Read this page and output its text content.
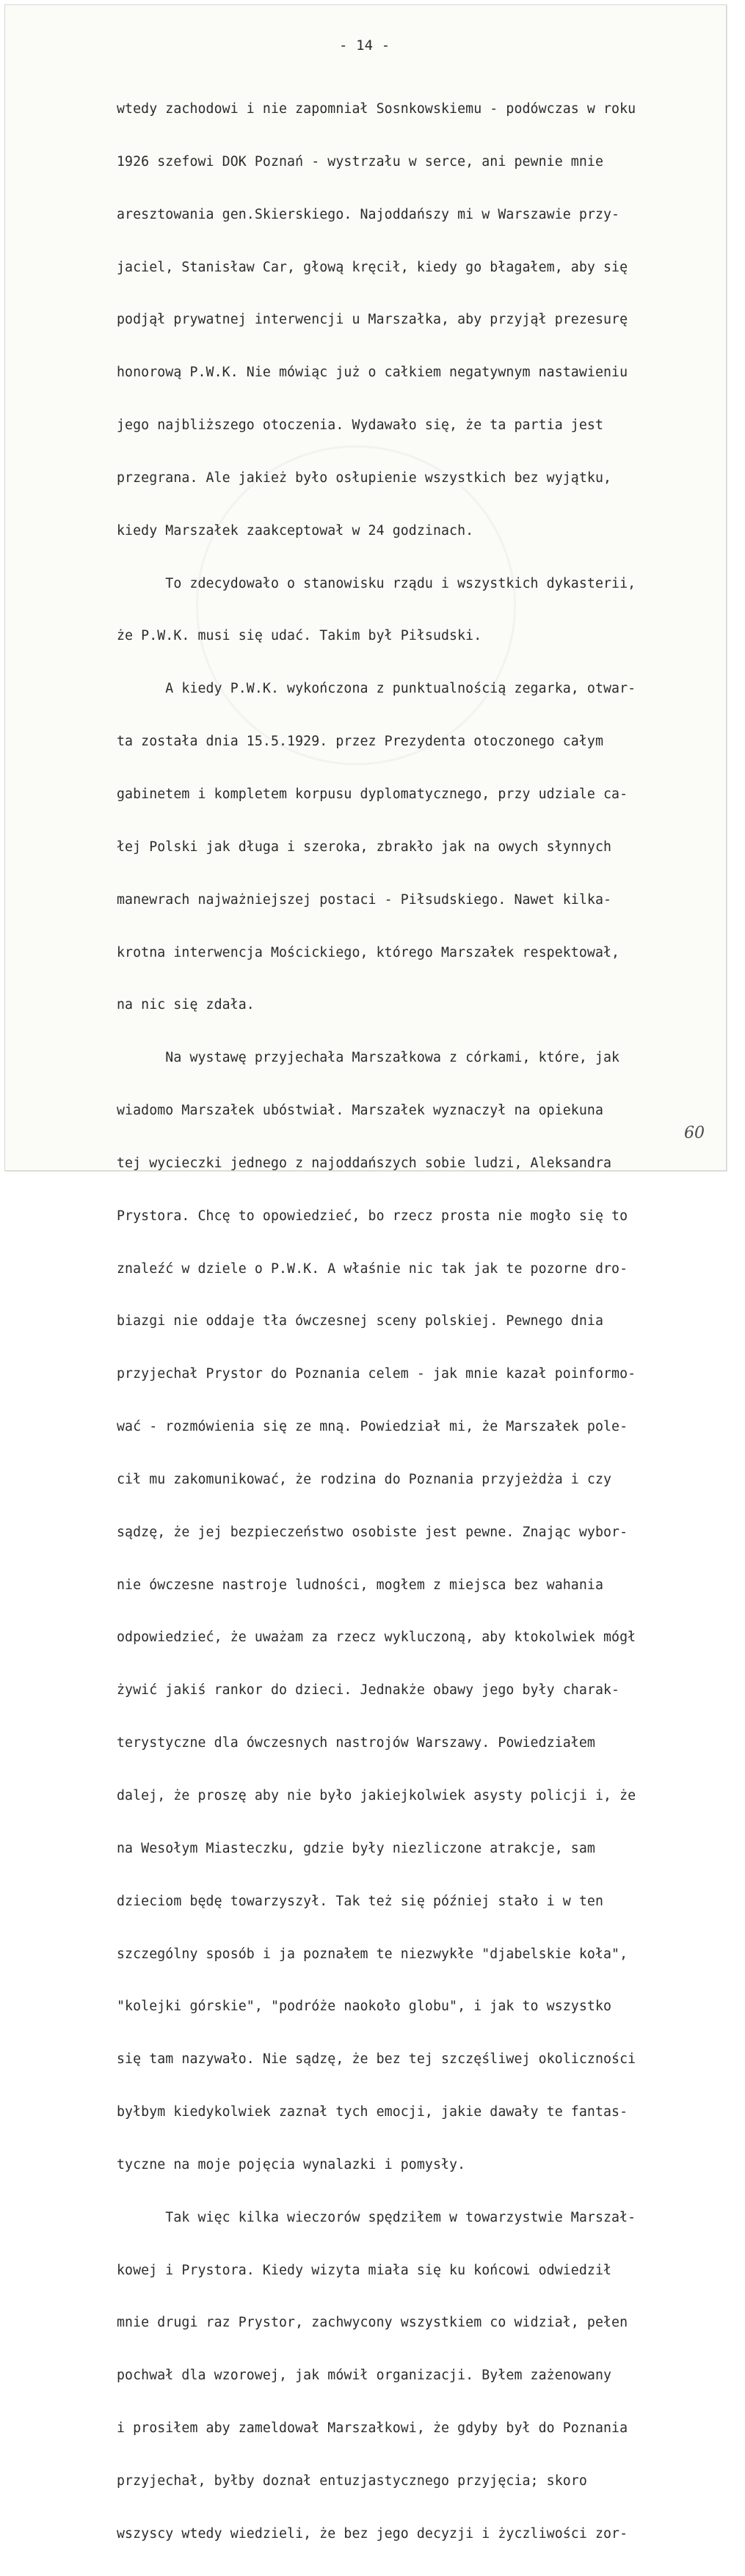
- 14 -

wtedy zachodowi i nie zapomniał Sosnkowskiemu - podówczas w roku

1926 szefowi DOK Poznań - wystrzału w serce, ani pewnie mnie

aresztowania gen.Skierskiego. Najoddańszy mi w Warszawie przy-

jaciel, Stanisław Car, głową kręcił, kiedy go błagałem, aby się

podjął prywatnej interwencji u Marszałka, aby przyjął prezesurę

honorową P.W.K. Nie mówiąc już o całkiem negatywnym nastawieniu

jego najbliższego otoczenia. Wydawało się, że ta partia jest

przegrana. Ale jakież było osłupienie wszystkich bez wyjątku,

kiedy Marszałek zaakceptował w 24 godzinach.

To zdecydowało o stanowisku rządu i wszystkich dykasterii,

że P.W.K. musi się udać. Takim był Piłsudski.

A kiedy P.W.K. wykończona z punktualnością zegarka, otwar-

ta została dnia 15.5.1929. przez Prezydenta otoczonego całym

gabinetem i kompletem korpusu dyplomatycznego, przy udziale ca-

łej Polski jak długa i szeroka, zbrakło jak na owych słynnych

manewrach najważniejszej postaci - Piłsudskiego. Nawet kilka-

krotna interwencja Mościckiego, którego Marszałek respektował,

na nic się zdała.

Na wystawę przyjechała Marszałkowa z córkami, które, jak

wiadomo Marszałek ubóstwiał. Marszałek wyznaczył na opiekuna

tej wycieczki jednego z najoddańszych sobie ludzi, Aleksandra

Prystora. Chcę to opowiedzieć, bo rzecz prosta nie mogło się to

znaleźć w dziele o P.W.K. A właśnie nic tak jak te pozorne dro-

biazgi nie oddaje tła ówczesnej sceny polskiej. Pewnego dnia

przyjechał Prystor do Poznania celem - jak mnie kazał poinformo-

wać - rozmówienia się ze mną. Powiedział mi, że Marszałek pole-

cił mu zakomunikować, że rodzina do Poznania przyjeżdża i czy

sądzę, że jej bezpieczeństwo osobiste jest pewne. Znając wybor-

nie ówczesne nastroje ludności, mogłem z miejsca bez wahania

odpowiedzieć, że uważam za rzecz wykluczoną, aby ktokolwiek mógł

żywić jakiś rankor do dzieci. Jednakże obawy jego były charak-

terystyczne dla ówczesnych nastrojów Warszawy. Powiedziałem

dalej, że proszę aby nie było jakiejkolwiek asysty policji i, że

na Wesołym Miasteczku, gdzie były niezliczone atrakcje, sam

dzieciom będę towarzyszył. Tak też się później stało i w ten

szczególny sposób i ja poznałem te niezwykłe "djabelskie koła",

"kolejki górskie", "podróże naokoło globu", i jak to wszystko

się tam nazywało. Nie sądzę, że bez tej szczęśliwej okoliczności

byłbym kiedykolwiek zaznał tych emocji, jakie dawały te fantas-

tyczne na moje pojęcia wynalazki i pomysły.

Tak więc kilka wieczorów spędziłem w towarzystwie Marszał-

kowej i Prystora. Kiedy wizyta miała się ku końcowi odwiedził

mnie drugi raz Prystor, zachwycony wszystkiem co widział, pełen

pochwał dla wzorowej, jak mówił organizacji. Byłem zażenowany

i prosiłem aby zameldował Marszałkowi, że gdyby był do Poznania

przyjechał, byłby doznał entuzjastycznego przyjęcia; skoro

wszyscy wtedy wiedzieli, że bez jego decyzji i życzliwości zor-

60
